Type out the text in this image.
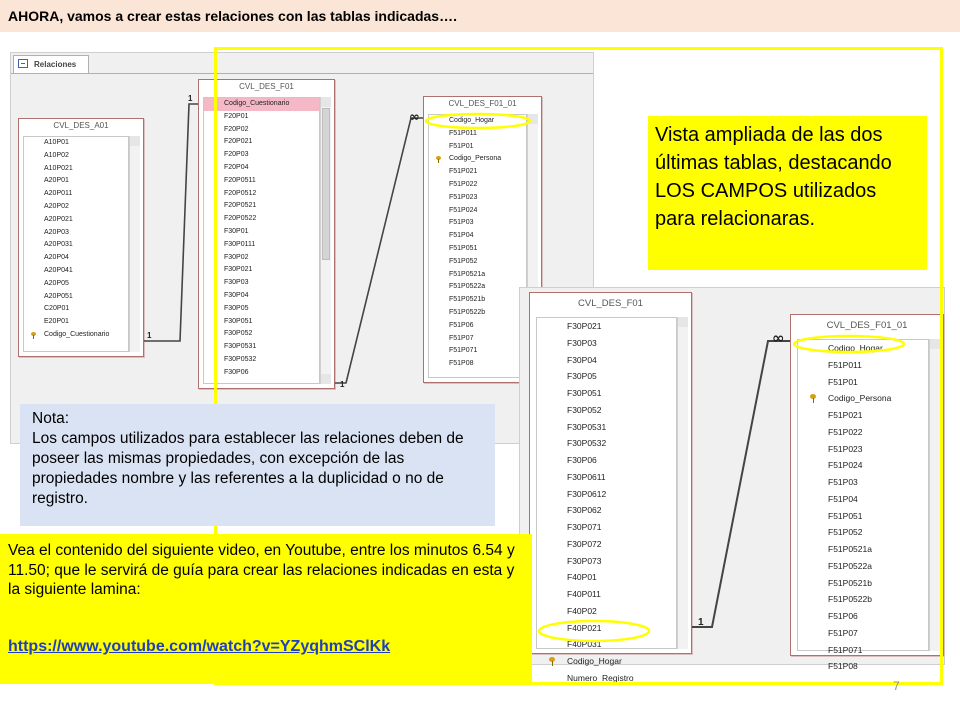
AHORA, vamos a crear estas relaciones con las tablas indicadas….
Relaciones
CVL_DES_A01
A10P01
A10P02
A10P021
A20P01
A20P011
A20P02
A20P021
A20P03
A20P031
A20P04
A20P041
A20P05
A20P051
C20P01
E20P01
Codigo_Cuestionario
CVL_DES_F01
Codigo_Cuestionario
F20P01
F20P02
F20P021
F20P03
F20P04
F20P0511
F20P0512
F20P0521
F20P0522
F30P01
F30P0111
F30P02
F30P021
F30P03
F30P04
F30P05
F30P051
F30P052
F30P0531
F30P0532
F30P06
CVL_DES_F01_01
Codigo_Hogar
F51P011
F51P01
Codigo_Persona
F51P021
F51P022
F51P023
F51P024
F51P03
F51P04
F51P051
F51P052
F51P0521a
F51P0522a
F51P0521b
F51P0522b
F51P06
F51P07
F51P071
F51P08
CVL_DES_F01
F30P021
F30P03
F30P04
F30P05
F30P051
F30P052
F30P0531
F30P0532
F30P06
F30P0611
F30P0612
F30P062
F30P071
F30P072
F30P073
F40P01
F40P011
F40P02
F40P021
F40P031
Codigo_Hogar
Numero_Registro
CVL_DES_F01_01
Codigo_Hogar
F51P011
F51P01
Codigo_Persona
F51P021
F51P022
F51P023
F51P024
F51P03
F51P04
F51P051
F51P052
F51P0521a
F51P0522a
F51P0521b
F51P0522b
F51P06
F51P07
F51P071
F51P08
1
1
1
∞
1
∞
Vista ampliada de las dos últimas tablas, destacando LOS CAMPOS utilizados para relacionaras.
Nota:
Los campos utilizados para establecer las relaciones deben de poseer las mismas propiedades, con excepción de las propiedades nombre y las referentes a la duplicidad o no de registro.
Vea el contenido del siguiente video, en Youtube, entre los minutos 6.54 y 11.50; que le servirá de guía para crear las relaciones indicadas en esta y la siguiente lamina:
https://www.youtube.com/watch?v=YZyqhmSClKk
7
